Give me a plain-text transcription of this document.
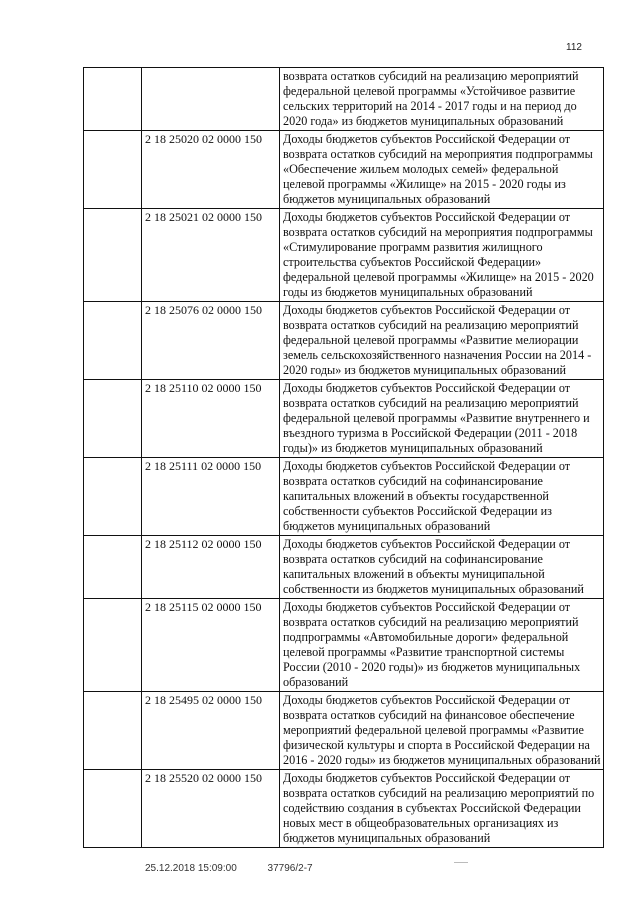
112
		возврата остатков субсидий на реализацию мероприятий федеральной целевой программы «Устойчивое развитие сельских территорий на 2014 - 2017 годы и на период до 2020 года» из бюджетов муниципальных образований
	2 18 25020 02 0000 150	Доходы бюджетов субъектов Российской Федерации от возврата остатков субсидий на мероприятия подпрограммы «Обеспечение жильем молодых семей» федеральной целевой программы «Жилище» на 2015 - 2020 годы из бюджетов муниципальных образований
	2 18 25021 02 0000 150	Доходы бюджетов субъектов Российской Федерации от возврата остатков субсидий на мероприятия подпрограммы «Стимулирование программ развития жилищного строительства субъектов Российской Федерации» федеральной целевой программы «Жилище» на 2015 - 2020 годы из бюджетов муниципальных образований
	2 18 25076 02 0000 150	Доходы бюджетов субъектов Российской Федерации от возврата остатков субсидий на реализацию мероприятий федеральной целевой программы «Развитие мелиорации земель сельскохозяйственного назначения России на 2014 - 2020 годы» из бюджетов муниципальных образований
	2 18 25110 02 0000 150	Доходы бюджетов субъектов Российской Федерации от возврата остатков субсидий на реализацию мероприятий федеральной целевой программы «Развитие внутреннего и въездного туризма в Российской Федерации (2011 - 2018 годы)» из бюджетов муниципальных образований
	2 18 25111 02 0000 150	Доходы бюджетов субъектов Российской Федерации от возврата остатков субсидий на софинансирование капитальных вложений в объекты государственной собственности субъектов Российской Федерации из бюджетов муниципальных образований
	2 18 25112 02 0000 150	Доходы бюджетов субъектов Российской Федерации от возврата остатков субсидий на софинансирование капитальных вложений в объекты муниципальной собственности из бюджетов муниципальных образований
	2 18 25115 02 0000 150	Доходы бюджетов субъектов Российской Федерации от возврата остатков субсидий на реализацию мероприятий подпрограммы «Автомобильные дороги» федеральной целевой программы «Развитие транспортной системы России (2010 - 2020 годы)» из бюджетов муниципальных образований
	2 18 25495 02 0000 150	Доходы бюджетов субъектов Российской Федерации от возврата остатков субсидий на финансовое обеспечение мероприятий федеральной целевой программы «Развитие физической культуры и спорта в Российской Федерации на 2016 - 2020 годы» из бюджетов муниципальных образований
	2 18 25520 02 0000 150	Доходы бюджетов субъектов Российской Федерации от возврата остатков субсидий на реализацию мероприятий по содействию создания в субъектах Российской Федерации новых мест в общеобразовательных организациях из бюджетов муниципальных образований
25.12.2018 15:09:00	37796/2-7
